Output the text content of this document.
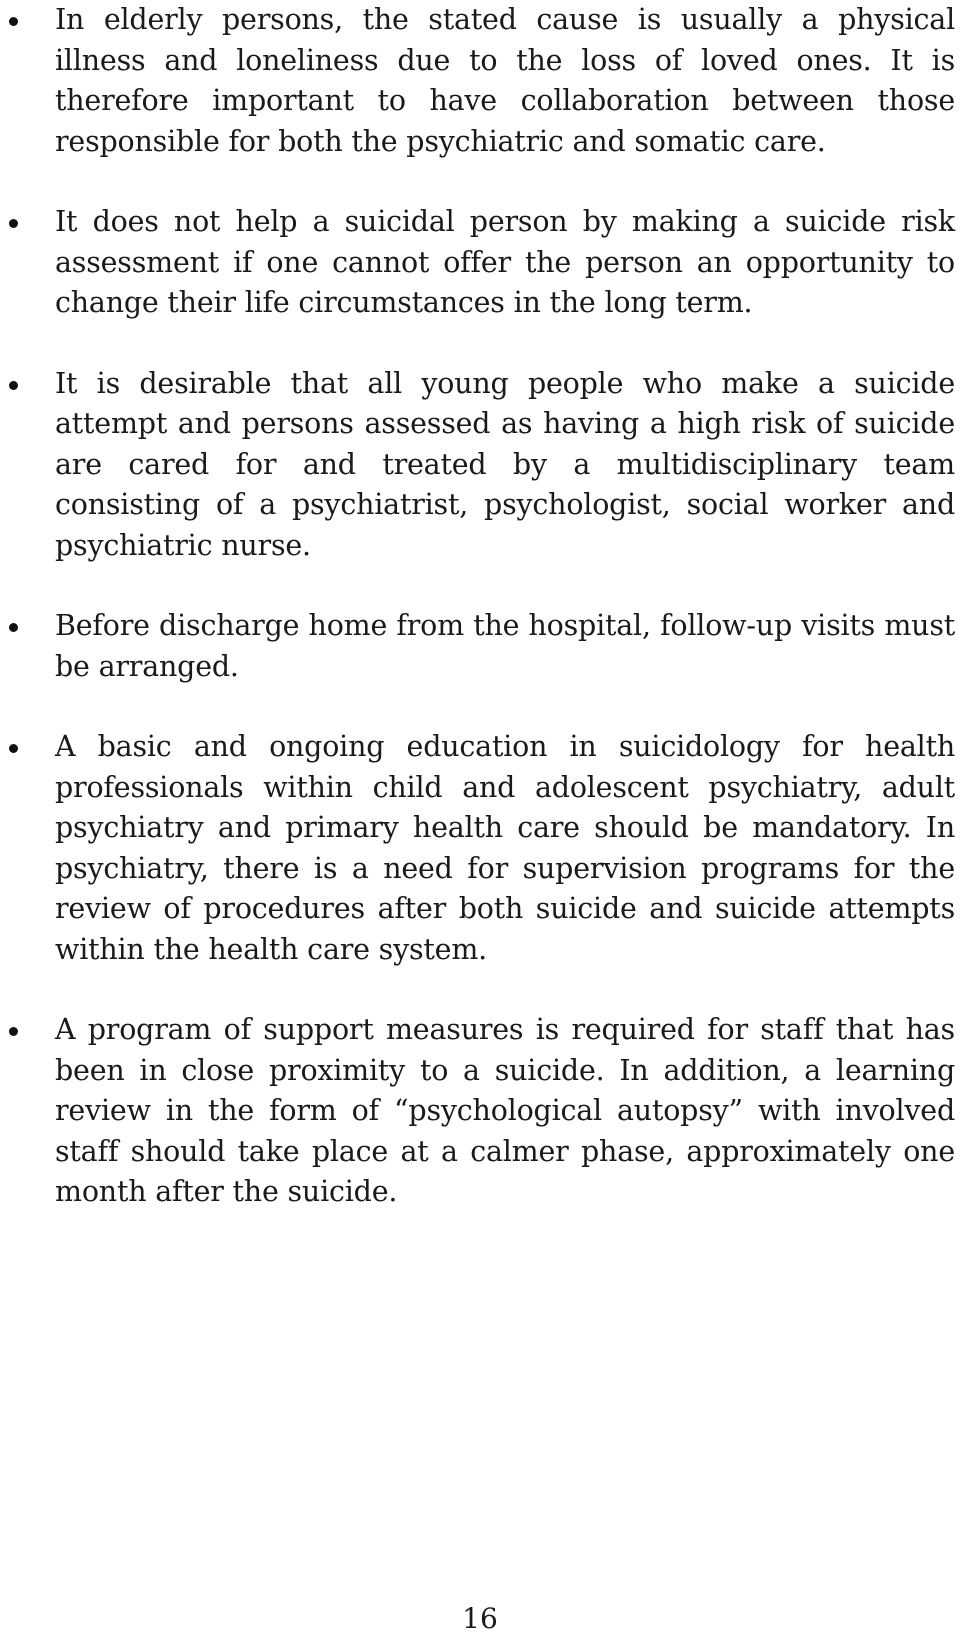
In elderly persons, the stated cause is usually a physical illness and loneliness due to the loss of loved ones. It is therefore important to have collaboration between those responsible for both the psychiatric and somatic care.
It does not help a suicidal person by making a suicide risk assessment if one cannot offer the person an opportunity to change their life circumstances in the long term.
It is desirable that all young people who make a suicide attempt and persons assessed as having a high risk of suicide are cared for and treated by a multidisciplinary team consisting of a psychiatrist, psychologist, social worker and psychiatric nurse.
Before discharge home from the hospital, follow-up visits must be arranged.
A basic and ongoing education in suicidology for health professionals within child and adolescent psychiatry, adult psychiatry and primary health care should be mandatory. In psychiatry, there is a need for supervision programs for the review of procedures after both suicide and suicide attempts within the health care system.
A program of support measures is required for staff that has been in close proximity to a suicide. In addition, a learning review in the form of “psychological autopsy” with involved staff should take place at a calmer phase, approximately one month after the suicide.
16
